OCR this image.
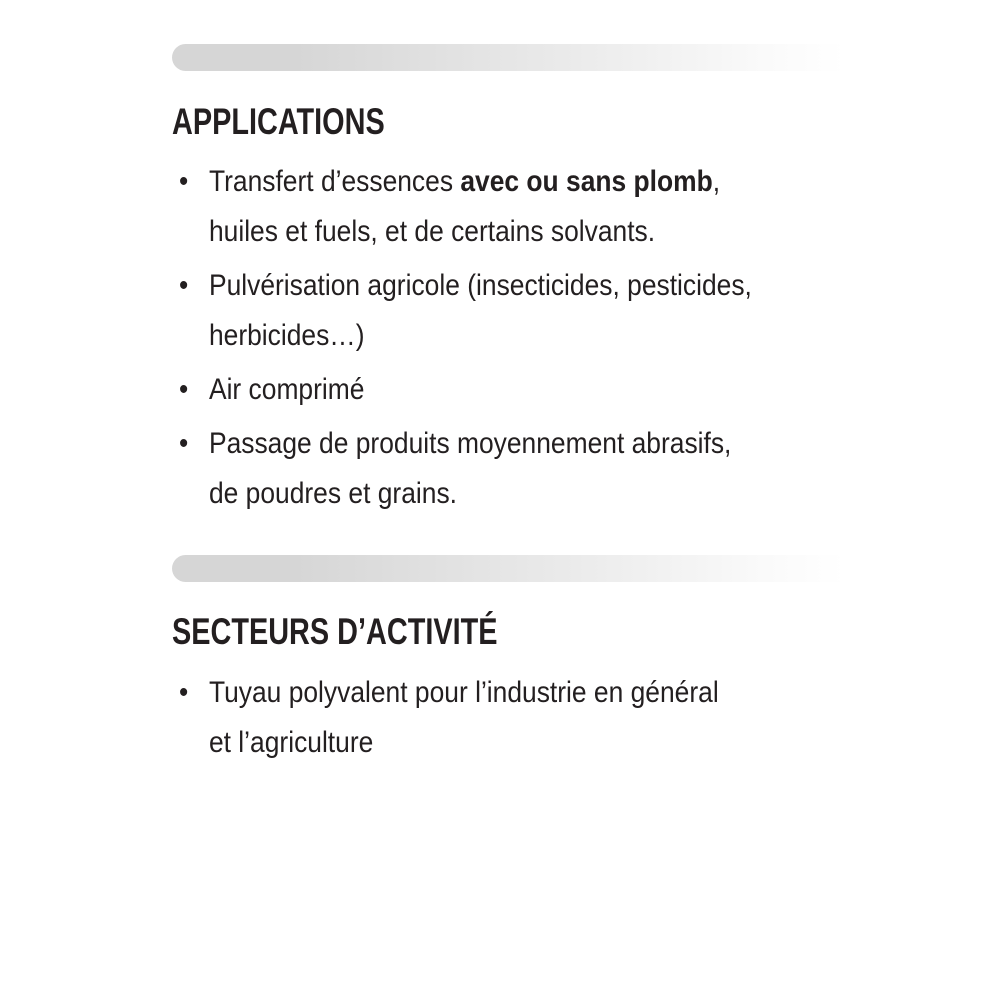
APPLICATIONS
• Transfert d’essences avec ou sans plomb,
huiles et fuels, et de certains solvants.
• Pulvérisation agricole (insecticides, pesticides,
herbicides…)
• Air comprimé
• Passage de produits moyennement abrasifs,
de poudres et grains.
SECTEURS D’ACTIVITÉ
• Tuyau polyvalent pour l’industrie en général
et l’agriculture
